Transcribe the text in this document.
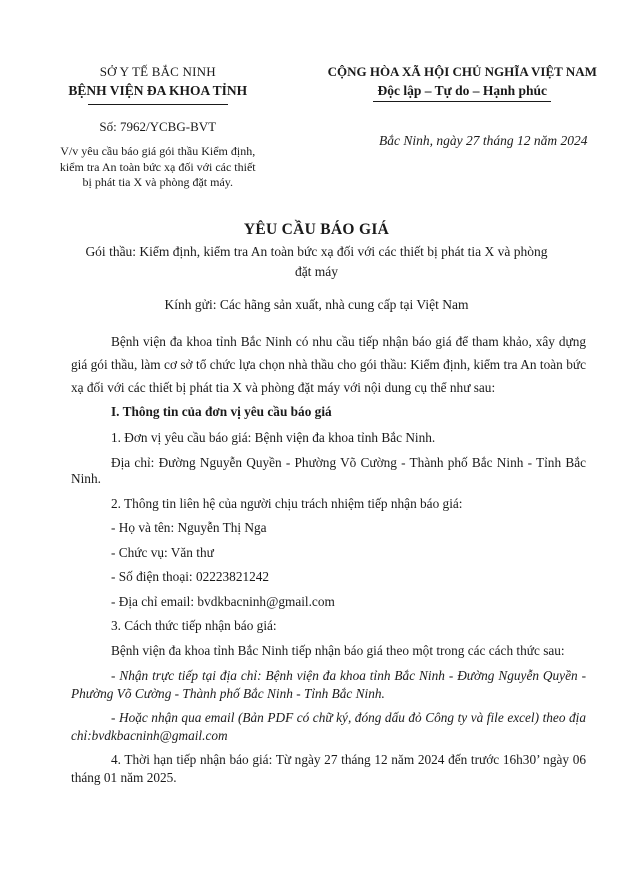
SỞ Y TẾ BẮC NINH
BỆNH VIỆN ĐA KHOA TỈNH
Số: 7962/YCBG-BVT
V/v yêu cầu báo giá gói thầu Kiểm định, kiểm tra An toàn bức xạ đối với các thiết bị phát tia X và phòng đặt máy.
CỘNG HÒA XÃ HỘI CHỦ NGHĨA VIỆT NAM
Độc lập – Tự do – Hạnh phúc
Bắc Ninh, ngày 27 tháng 12 năm 2024
YÊU CẦU BÁO GIÁ
Gói thầu: Kiểm định, kiểm tra An toàn bức xạ đối với các thiết bị phát tia X và phòng đặt máy
Kính gửi: Các hãng sản xuất, nhà cung cấp tại Việt Nam

Bệnh viện đa khoa tỉnh Bắc Ninh có nhu cầu tiếp nhận báo giá để tham khảo, xây dựng giá gói thầu, làm cơ sở tổ chức lựa chọn nhà thầu cho gói thầu: Kiểm định, kiểm tra An toàn bức xạ đối với các thiết bị phát tia X và phòng đặt máy với nội dung cụ thể như sau:

I. Thông tin của đơn vị yêu cầu báo giá

1. Đơn vị yêu cầu báo giá: Bệnh viện đa khoa tỉnh Bắc Ninh.

Địa chỉ: Đường Nguyễn Quyền - Phường Võ Cường - Thành phố Bắc Ninh - Tỉnh Bắc Ninh.

2. Thông tin liên hệ của người chịu trách nhiệm tiếp nhận báo giá:

- Họ và tên: Nguyễn Thị Nga

- Chức vụ: Văn thư

- Số điện thoại: 02223821242

- Địa chỉ email: bvdkbacninh@gmail.com

3. Cách thức tiếp nhận báo giá:

Bệnh viện đa khoa tỉnh Bắc Ninh tiếp nhận báo giá theo một trong các cách thức sau:

- Nhận trực tiếp tại địa chỉ: Bệnh viện đa khoa tỉnh Bắc Ninh - Đường Nguyễn Quyền - Phường Võ Cường - Thành phố Bắc Ninh - Tỉnh Bắc Ninh.

- Hoặc nhận qua email (Bản PDF có chữ ký, đóng dấu đỏ Công ty và file excel) theo địa chỉ:bvdkbacninh@gmail.com

4. Thời hạn tiếp nhận báo giá: Từ ngày 27 tháng 12 năm 2024 đến trước 16h30’ ngày 06 tháng 01 năm 2025.
